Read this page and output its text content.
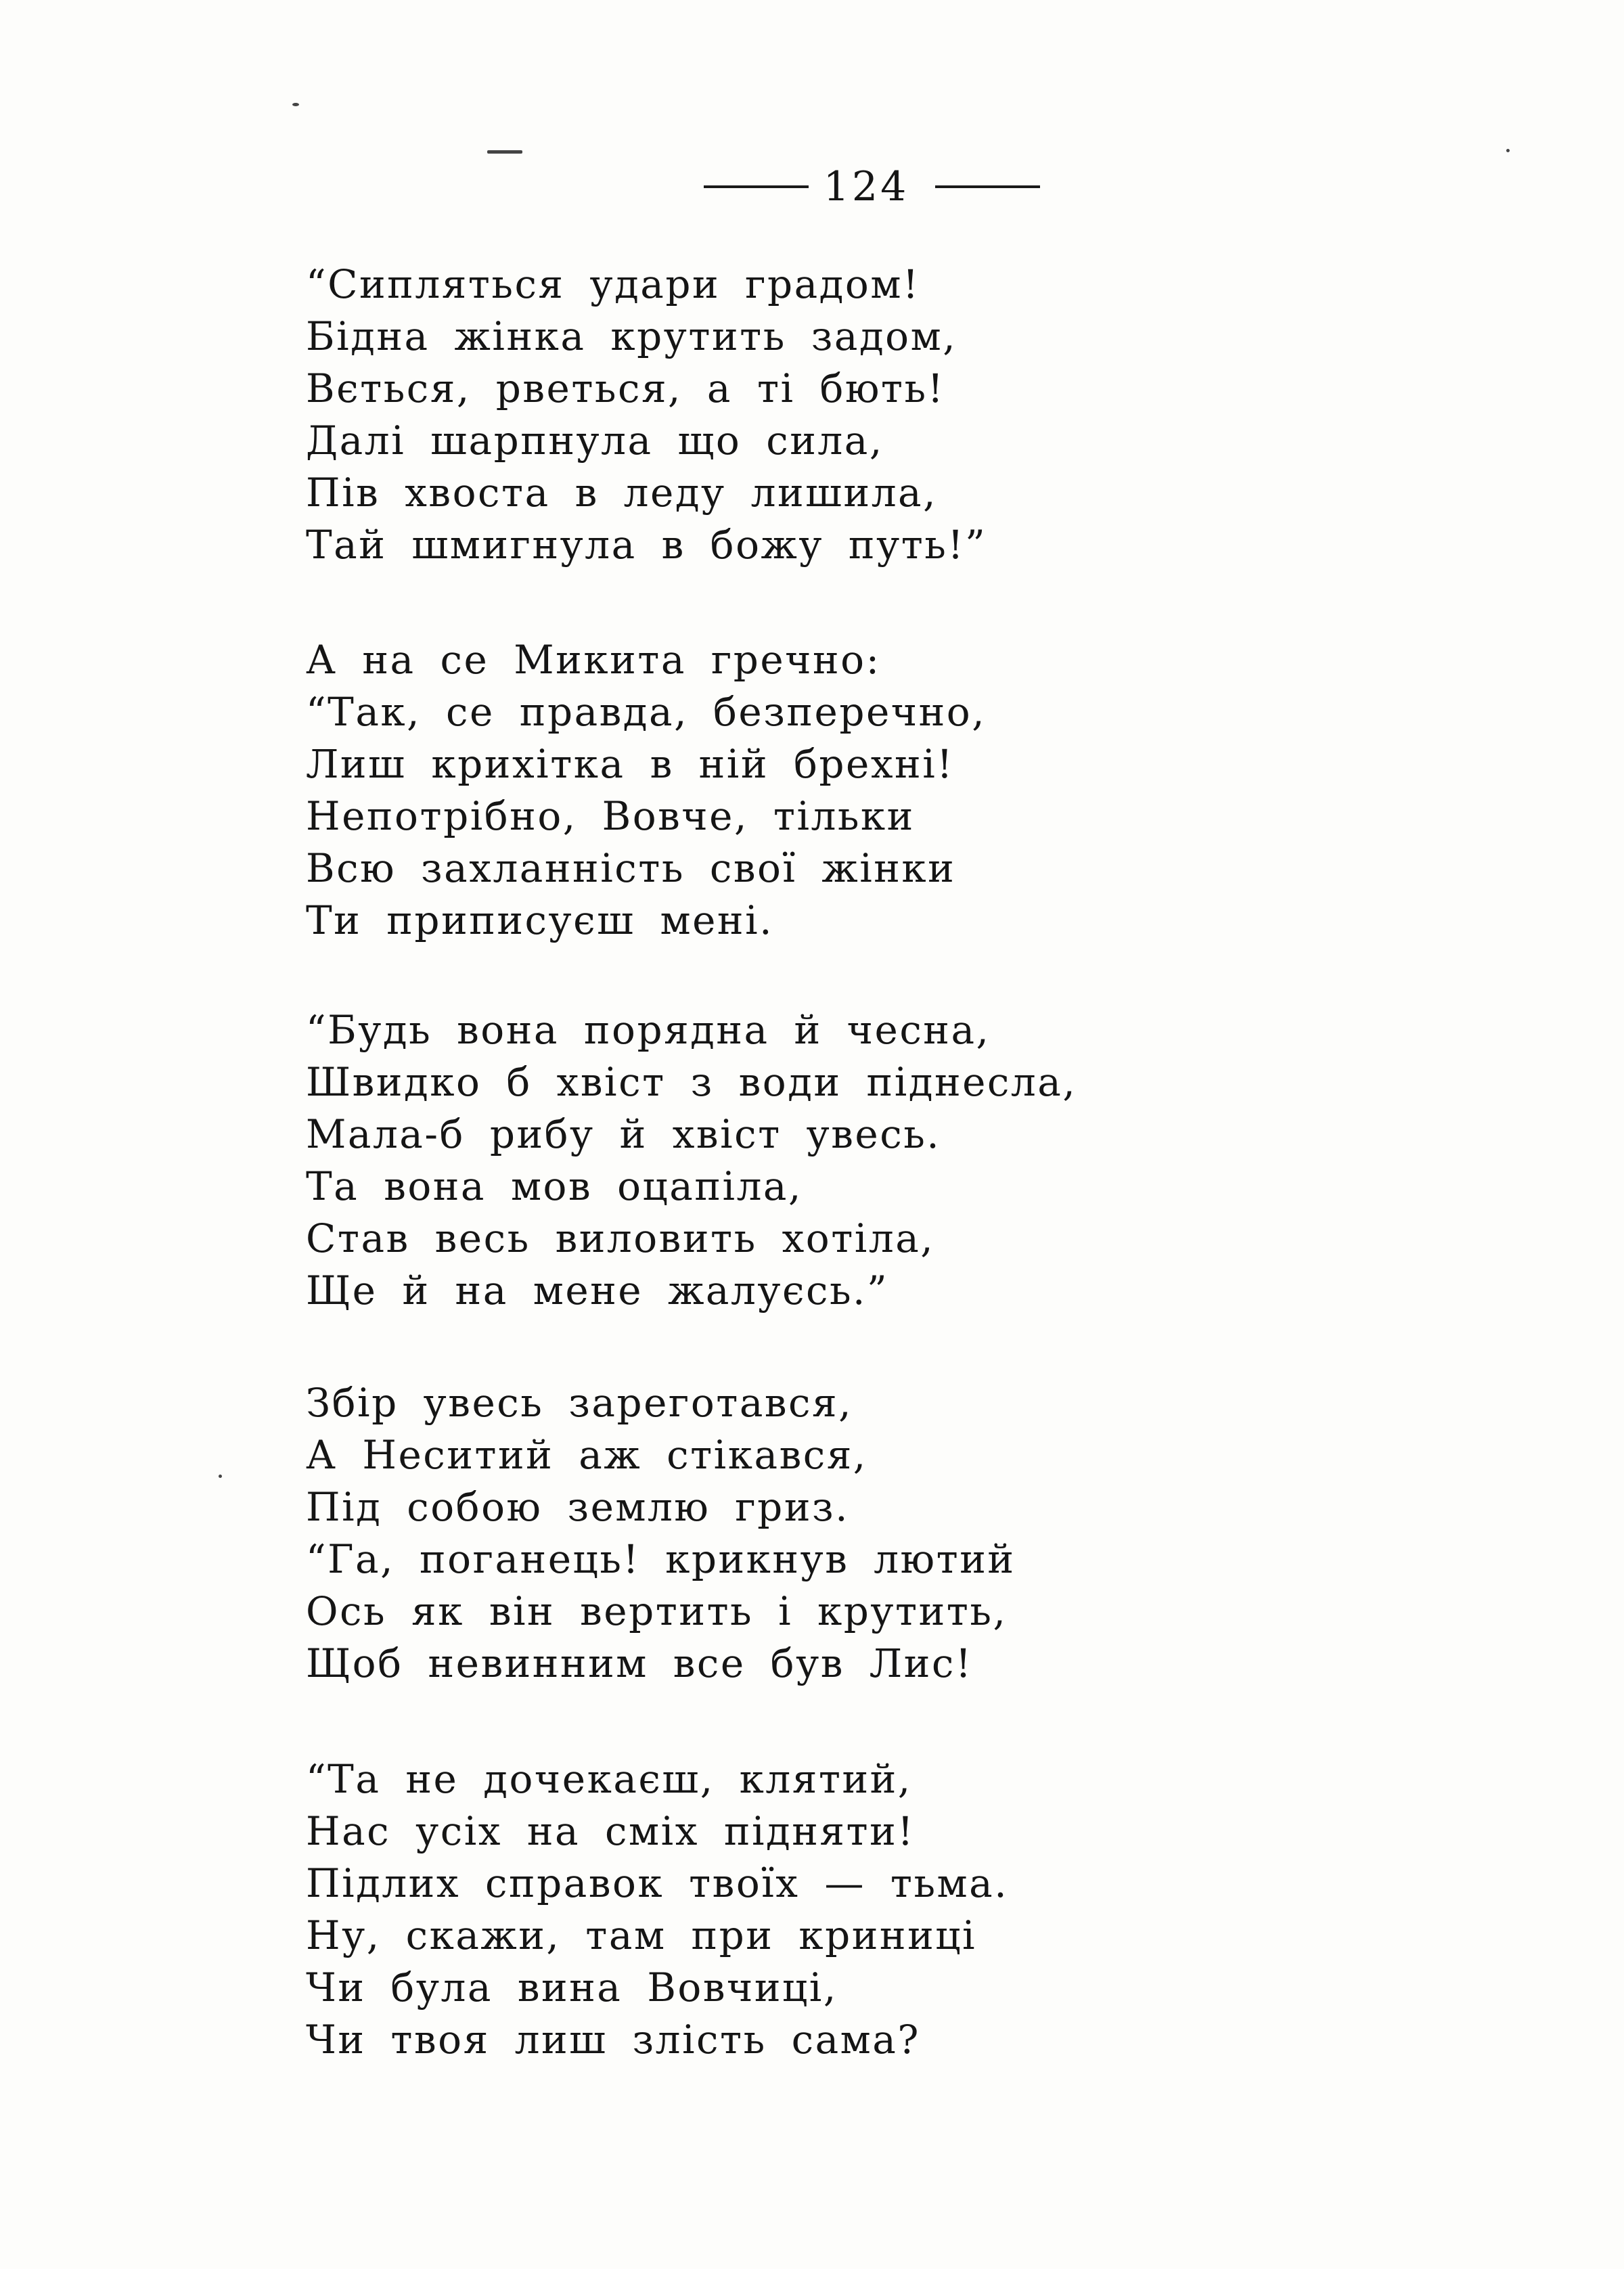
124
“Сипляться удари градом!
Бідна жінка крутить задом,
Вється, рветься, а ті бють!
Далі шарпнула що сила,
Пів хвоста в леду лишила,
Тай шмигнула в божу путь!”
А на се Микита гречно:
“Так, се правда, безперечно,
Лиш крихітка в ній брехні!
Непотрібно, Вовче, тільки
Всю захланність свої жінки
Ти приписуєш мені.
“Будь вона порядна й чесна,
Швидко б хвіст з води піднесла,
Мала-б рибу й хвіст увесь.
Та вона мов оцапіла,
Став весь виловить хотіла,
Ще й на мене жалуєсь.”
Збір увесь зареготався,
А Неситий аж стікався,
Під собою землю гриз.
“Га, поганець! крикнув лютий
Ось як він вертить і крутить,
Щоб невинним все був Лис!
“Та не дочекаєш, клятий,
Нас усіх на сміх підняти!
Підлих справок твоїх — тьма.
Ну, скажи, там при криниці
Чи була вина Вовчиці,
Чи твоя лиш злість сама?
